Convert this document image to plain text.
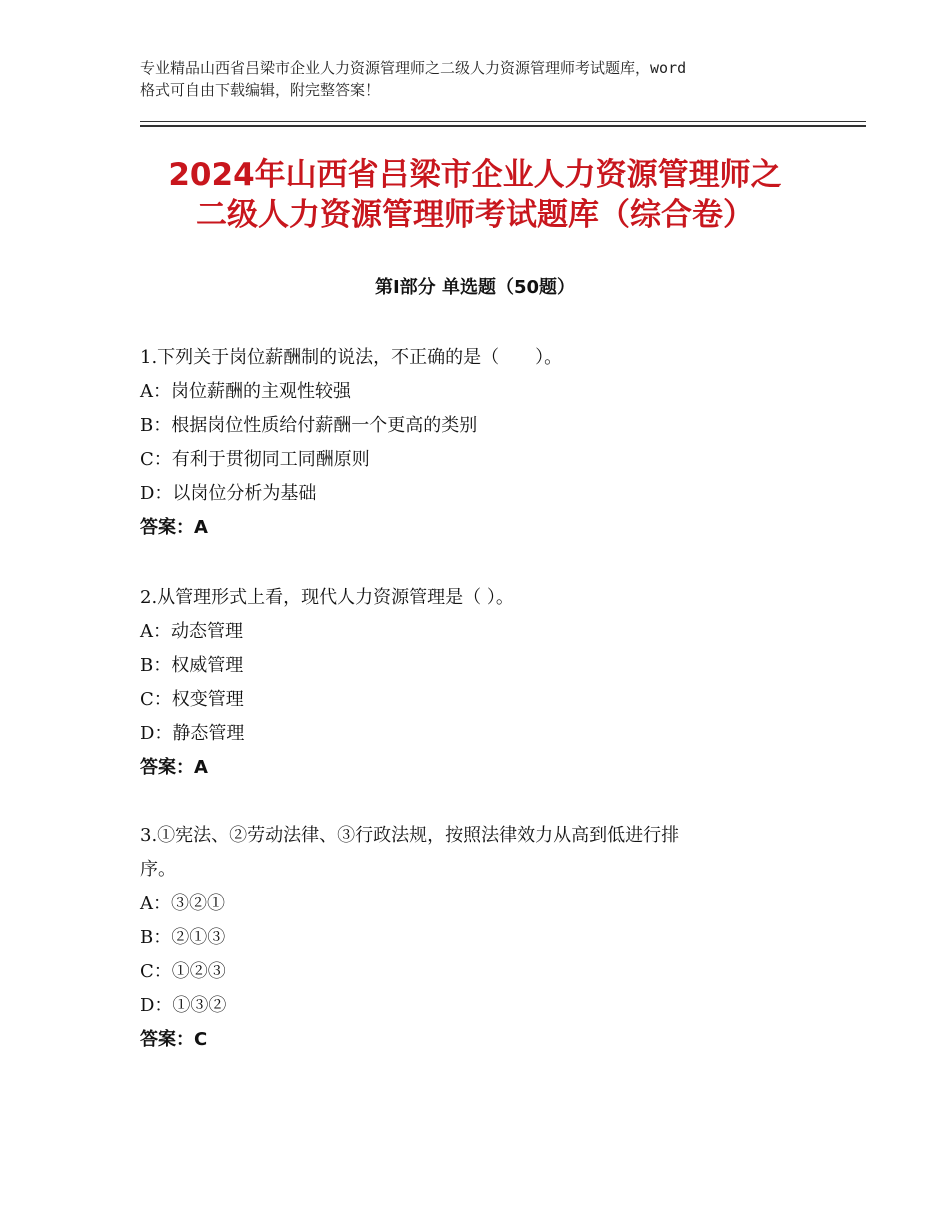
专业精品山西省吕梁市企业人力资源管理师之二级人力资源管理师考试题库，word
格式可自由下载编辑，附完整答案！
2024年山西省吕梁市企业人力资源管理师之
二级人力资源管理师考试题库（综合卷）
第Ⅰ部分 单选题（50题）
1.下列关于岗位薪酬制的说法，不正确的是（　　）。
A：岗位薪酬的主观性较强
B：根据岗位性质给付薪酬一个更高的类别
C：有利于贯彻同工同酬原则
D：以岗位分析为基础
答案：A
2.从管理形式上看，现代人力资源管理是（ ）。
A：动态管理
B：权威管理
C：权变管理
D：静态管理
答案：A
3.①宪法、②劳动法律、③行政法规，按照法律效力从高到低进行排
序。
A：③②①
B：②①③
C：①②③
D：①③②
答案：C
